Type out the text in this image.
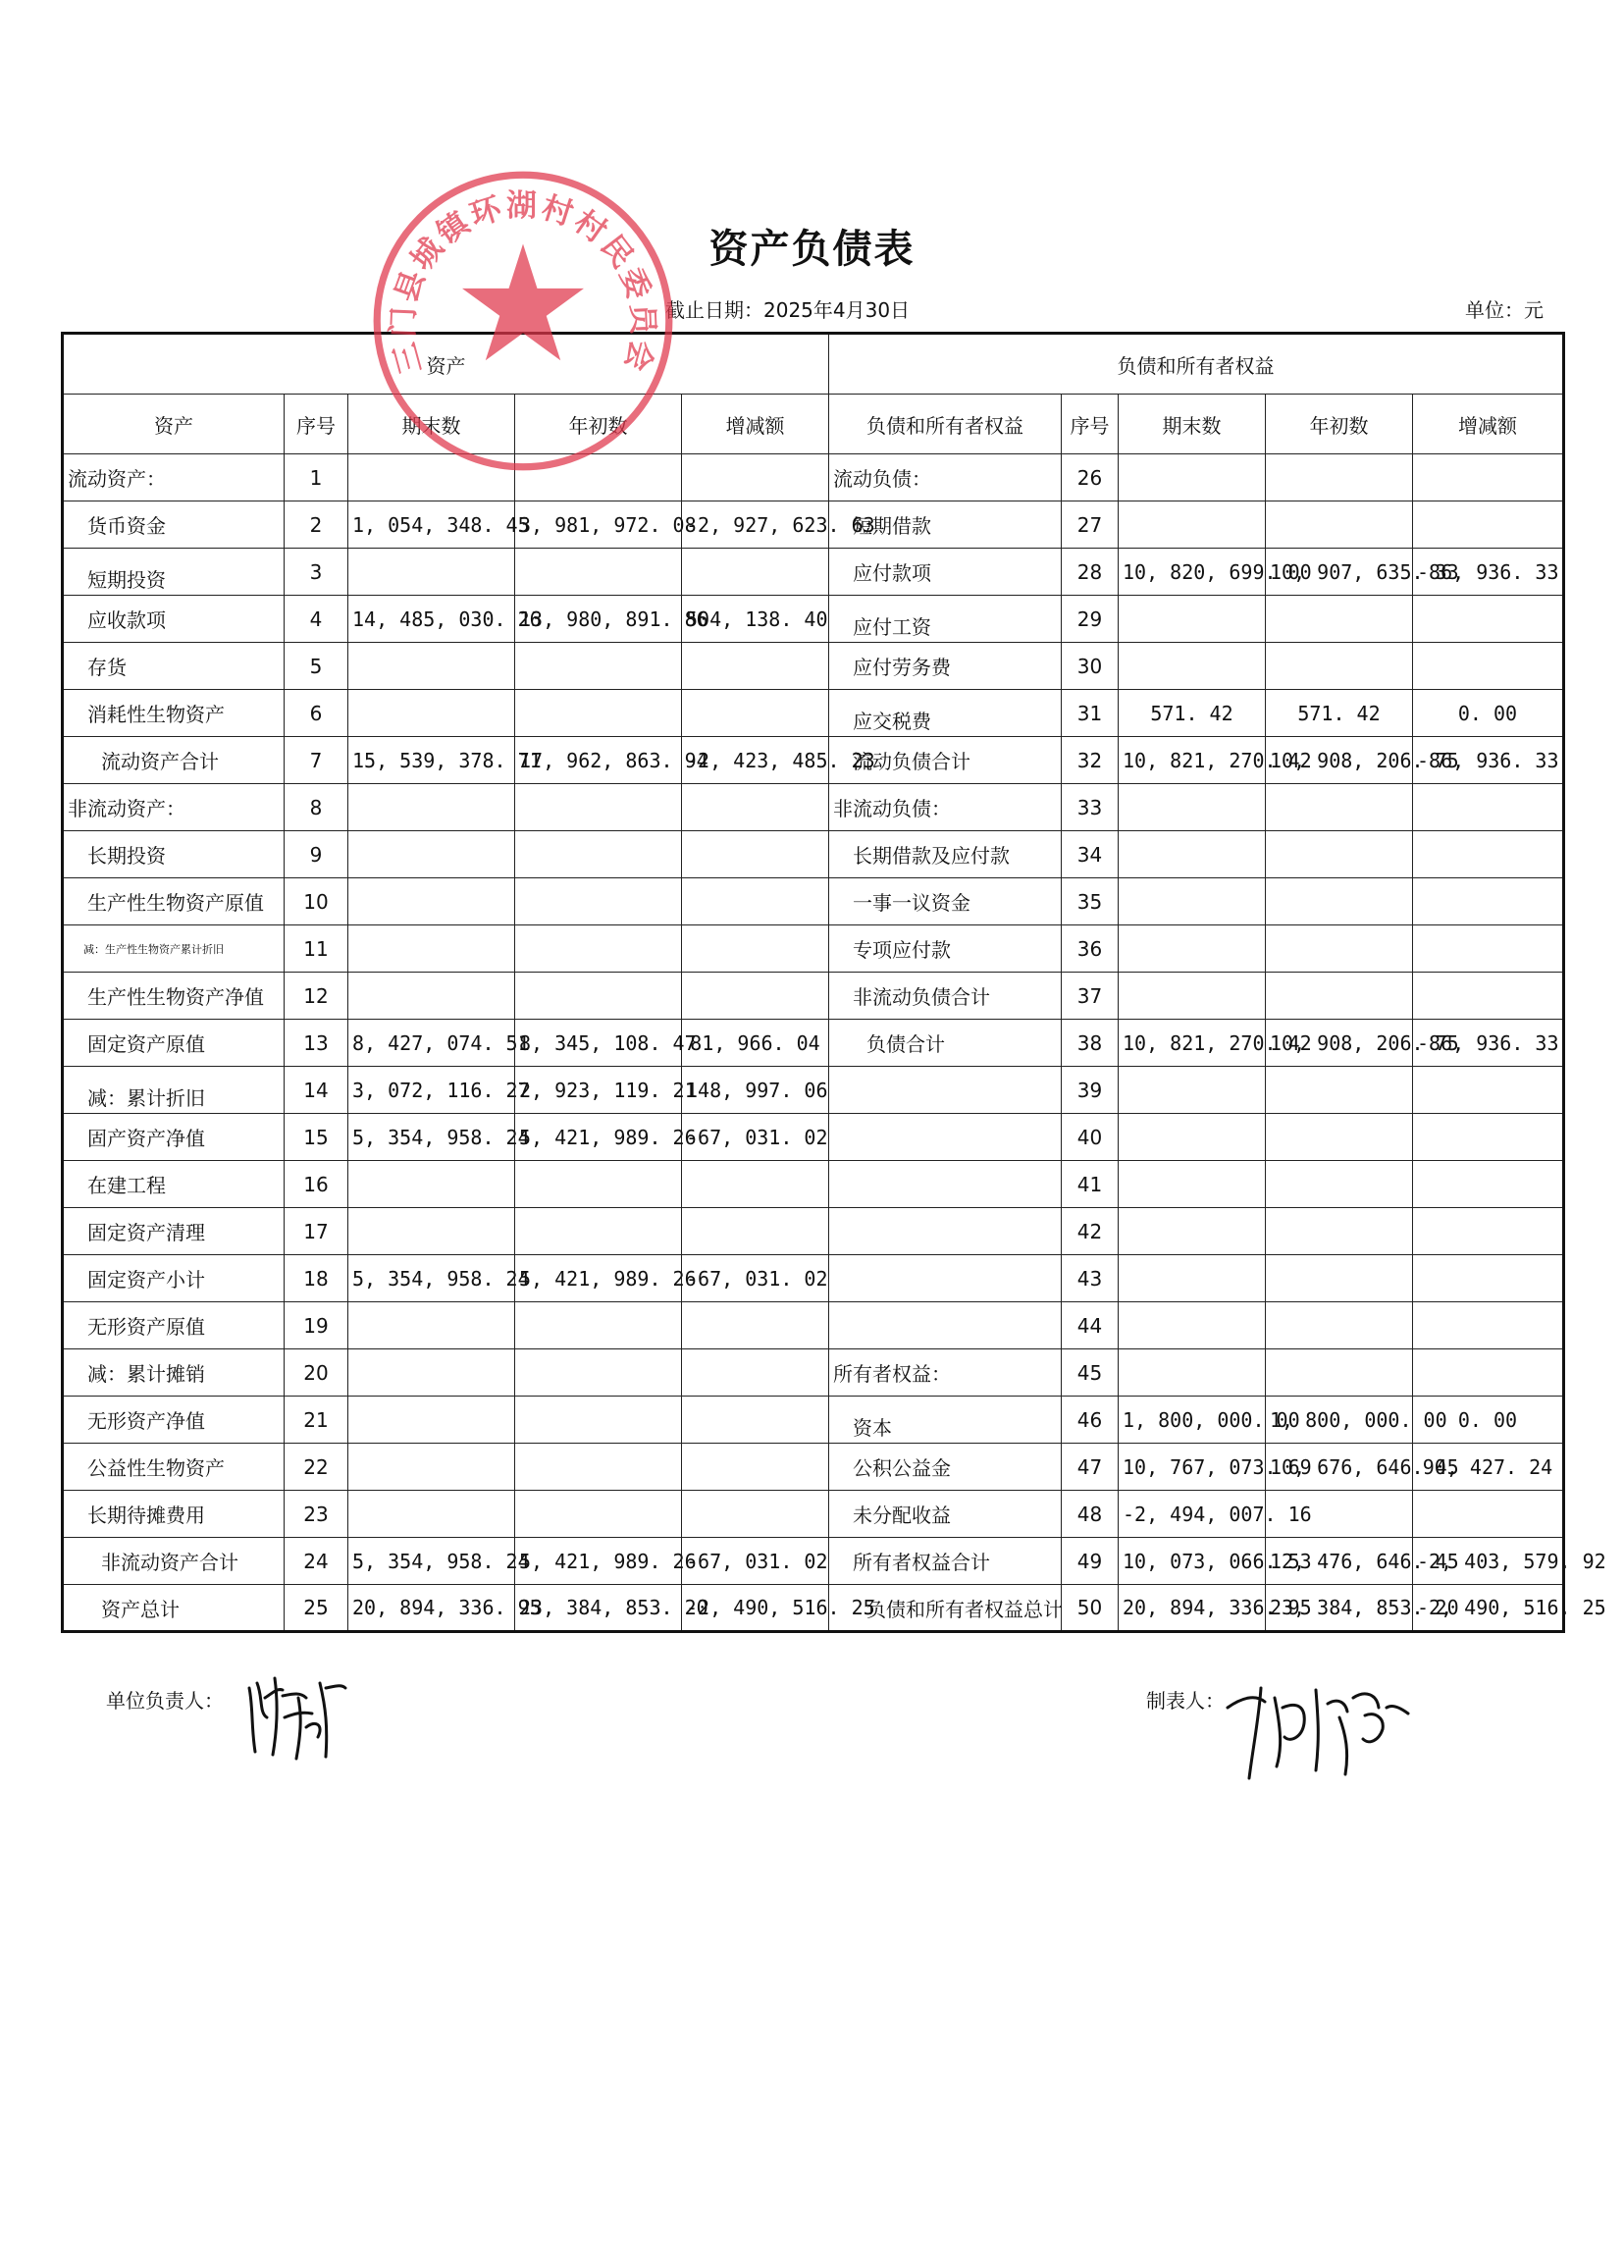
资产负债表
截止日期：2025年4月30日	单位：元
资产					负债和所有者权益				
资产	序号	期末数	年初数	增减额	负债和所有者权益	序号	期末数	年初数	增减额
流动资产：	1				流动负债：	26			
货币资金	2	1, 054, 348. 45	3, 981, 972. 08	-2, 927, 623. 63	短期借款	27			
短期投资	3				应付款项	28	10, 820, 699. 00	10, 907, 635. 33	-86, 936. 33
应收款项	4	14, 485, 030. 26	13, 980, 891. 86	504, 138. 40	应付工资	29			
存货	5				应付劳务费	30			
消耗性生物资产	6				应交税费	31	571. 42	571. 42	0. 00
流动资产合计	7	15, 539, 378. 71	17, 962, 863. 94	-2, 423, 485. 23	流动负债合计	32	10, 821, 270. 42	10, 908, 206. 75	-86, 936. 33
非流动资产：	8				非流动负债：	33			
长期投资	9				长期借款及应付款	34			
生产性生物资产原值	10				一事一议资金	35			
减：生产性生物资产累计折旧	11				专项应付款	36			
生产性生物资产净值	12				非流动负债合计	37			
固定资产原值	13	8, 427, 074. 51	8, 345, 108. 47	81, 966. 04	负债合计	38	10, 821, 270. 42	10, 908, 206. 75	-86, 936. 33
减：累计折旧	14	3, 072, 116. 27	2, 923, 119. 21	148, 997. 06		39			
固产资产净值	15	5, 354, 958. 24	5, 421, 989. 26	-67, 031. 02		40			
在建工程	16					41			
固定资产清理	17					42			
固定资产小计	18	5, 354, 958. 24	5, 421, 989. 26	-67, 031. 02		43			
无形资产原值	19					44			
减：累计摊销	20				所有者权益：	45			
无形资产净值	21				资本	46	1, 800, 000. 00	1, 800, 000. 00	0. 00
公益性生物资产	22				公积公益金	47	10, 767, 073. 69	10, 676, 646. 45	90, 427. 24
长期待摊费用	23				未分配收益	48	-2, 494, 007. 16		
非流动资产合计	24	5, 354, 958. 24	5, 421, 989. 26	-67, 031. 02	所有者权益合计	49	10, 073, 066. 53	12, 476, 646. 45	-2, 403, 579. 92
资产总计	25	20, 894, 336. 95	23, 384, 853. 20	-2, 490, 516. 25	负债和所有者权益总计	50	20, 894, 336. 95	23, 384, 853. 20	-2, 490, 516. 25
单位负责人：	制表人：
三门县城镇环湖村村民委员会
